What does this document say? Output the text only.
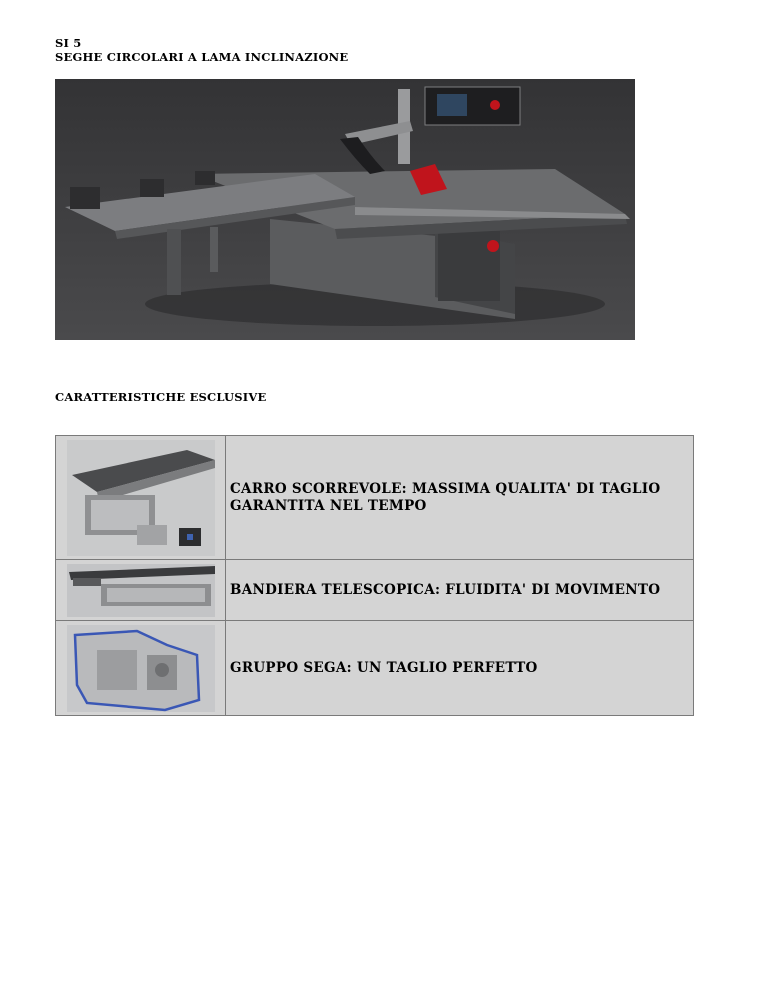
SI 5
SEGHE CIRCOLARI A LAMA INCLINAZIONE
CARATTERISTICHE ESCLUSIVE
CARRO SCORREVOLE: MASSIMA QUALITA' DI TAGLIO GARANTITA NEL TEMPO
BANDIERA TELESCOPICA: FLUIDITA' DI MOVIMENTO
GRUPPO SEGA: UN TAGLIO PERFETTO
